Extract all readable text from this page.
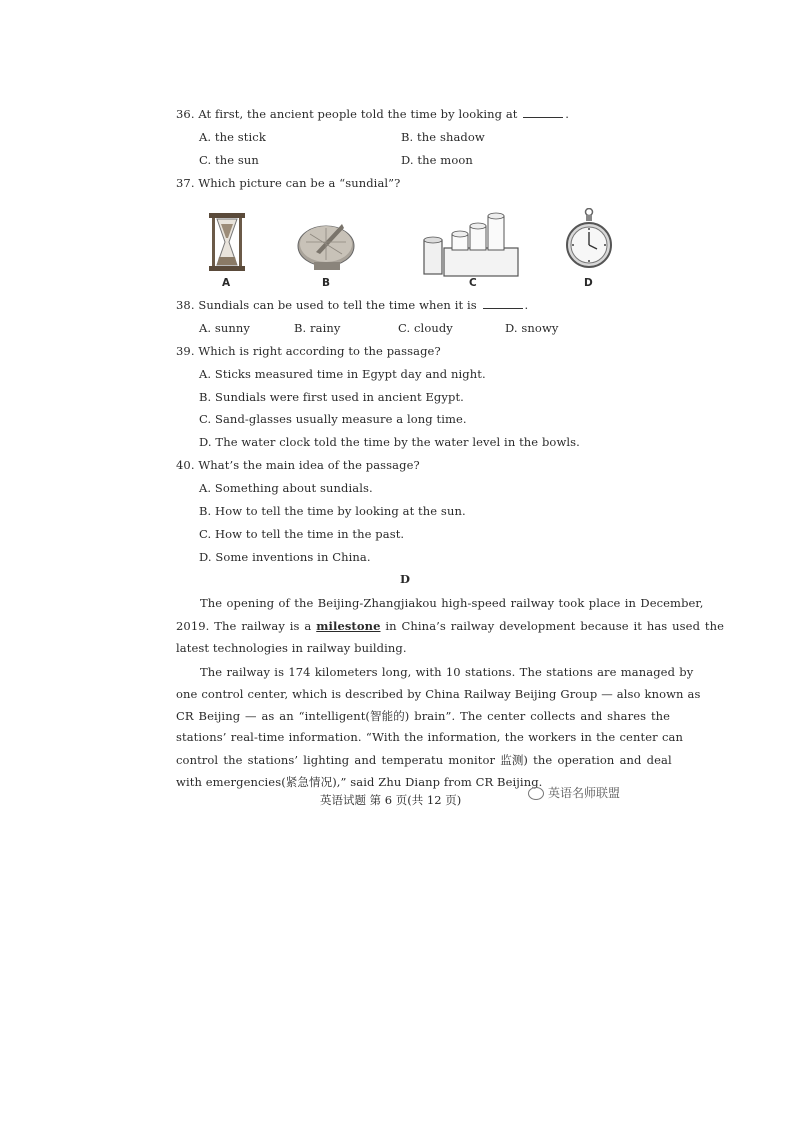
36. At first, the ancient people told the time by looking at	.
A. the stick	B. the shadow
C. the sun	D. the moon
37. Which picture can be a “sundial”?
A	B	C	D
38. Sundials can be used to tell the time when it is	.
A. sunny	B. rainy	C. cloudy	D. snowy
39. Which is right according to the passage?
A. Sticks measured time in Egypt day and night.
B. Sundials were first used in ancient Egypt.
C. Sand-glasses usually measure a long time.
D. The water clock told the time by the water level in the bowls.
40. What’s the main idea of the passage?
A. Something about sundials.
B. How to tell the time by looking at the sun.
C. How to tell the time in the past.
D. Some inventions in China.
D
The opening of the Beijing-Zhangjiakou high-speed railway took place in December,
2019. The railway is a milestone in China’s railway development because it has used the
latest technologies in railway building.
The railway is 174 kilometers long, with 10 stations. The stations are managed by
one control center, which is described by China Railway Beijing Group — also known as
CR Beijing — as an “intelligent(智能的) brain”. The center collects and shares the
stations’ real-time information. “With the information, the workers in the center can
control the stations’ lighting and temperatu monitor 监测) the operation and deal
with emergencies(紧急情况),” said Zhu Dianp from CR Beijing.
英语试题 第 6 页(共 12 页)	英语名师联盟
